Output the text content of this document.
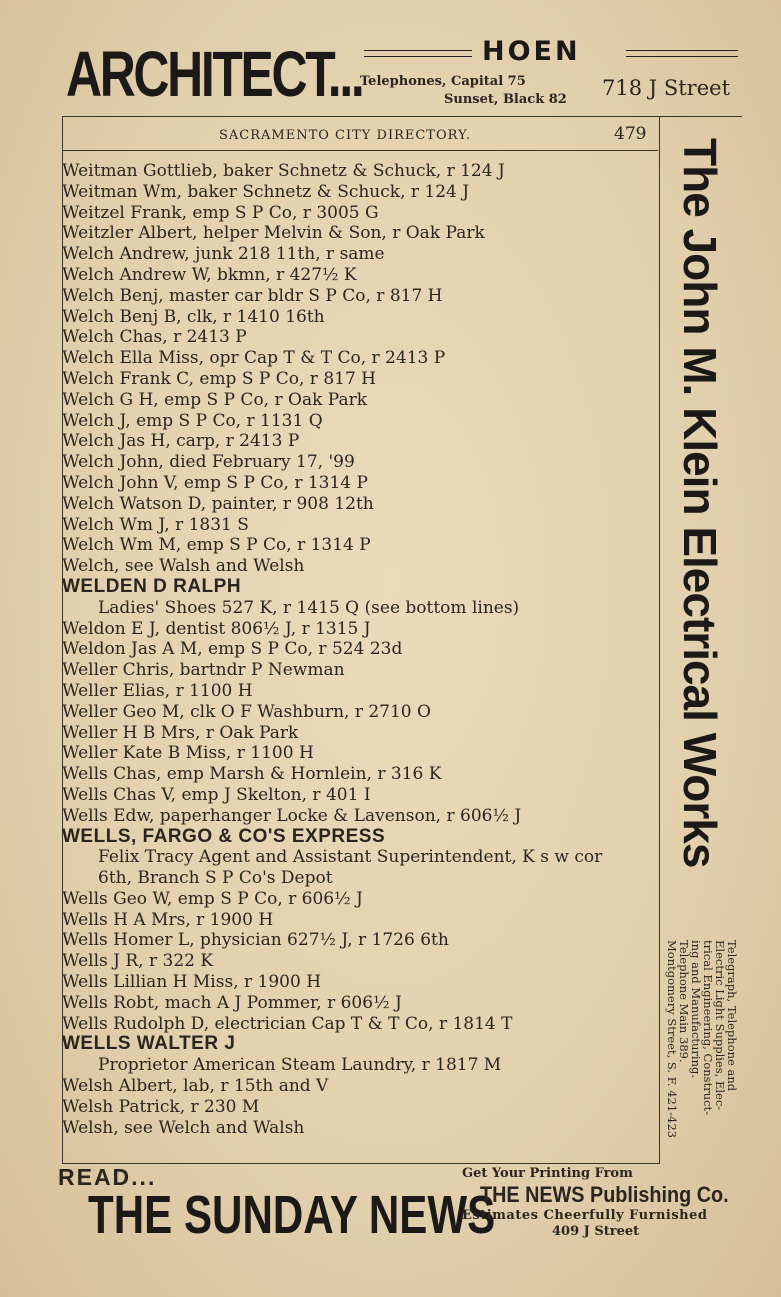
ARCHITECT...	HOEN
Telephones, Capital 75
Sunset, Black 82 718 J Street
SACRAMENTO CITY DIRECTORY.	479
Weitman Gottlieb, baker Schnetz & Schuck, r 124 J
Weitman Wm, baker Schnetz & Schuck, r 124 J
Weitzel Frank, emp S P Co, r 3005 G
Weitzler Albert, helper Melvin & Son, r Oak Park
Welch Andrew, junk 218 11th, r same
Welch Andrew W, bkmn, r 427½ K
Welch Benj, master car bldr S P Co, r 817 H
Welch Benj B, clk, r 1410 16th
Welch Chas, r 2413 P
Welch Ella Miss, opr Cap T & T Co, r 2413 P
Welch Frank C, emp S P Co, r 817 H
Welch G H, emp S P Co, r Oak Park
Welch J, emp S P Co, r 1131 Q
Welch Jas H, carp, r 2413 P
Welch John, died February 17, '99
Welch John V, emp S P Co, r 1314 P
Welch Watson D, painter, r 908 12th
Welch Wm J, r 1831 S
Welch Wm M, emp S P Co, r 1314 P
Welch, see Walsh and Welsh
WELDEN D RALPH
Ladies' Shoes 527 K, r 1415 Q (see bottom lines)
Weldon E J, dentist 806½ J, r 1315 J
Weldon Jas A M, emp S P Co, r 524 23d
Weller Chris, bartndr P Newman
Weller Elias, r 1100 H
Weller Geo M, clk O F Washburn, r 2710 O
Weller H B Mrs, r Oak Park
Weller Kate B Miss, r 1100 H
Wells Chas, emp Marsh & Hornlein, r 316 K
Wells Chas V, emp J Skelton, r 401 I
Wells Edw, paperhanger Locke & Lavenson, r 606½ J
WELLS, FARGO & CO'S EXPRESS
Felix Tracy Agent and Assistant Superintendent, K s w cor
6th, Branch S P Co's Depot
Wells Geo W, emp S P Co, r 606½ J
Wells H A Mrs, r 1900 H
Wells Homer L, physician 627½ J, r 1726 6th
Wells J R, r 322 K
Wells Lillian H Miss, r 1900 H
Wells Robt, mach A J Pommer, r 606½ J
Wells Rudolph D, electrician Cap T & T Co, r 1814 T
WELLS WALTER J
Proprietor American Steam Laundry, r 1817 M
Welsh Albert, lab, r 15th and V
Welsh Patrick, r 230 M
Welsh, see Welch and Walsh
The John M. Klein Electrical Works
Telegraph, Telephone and
Electric Light Supplies, Elec-
trical Engineering, Construct-
ing and Manufacturing.
Telephone Main 389.
Montgomery Street, S. F. 421-423
READ...
THE SUNDAY NEWS
Get Your Printing From
THE NEWS Publishing Co.
Estimates Cheerfully Furnished
409 J Street
